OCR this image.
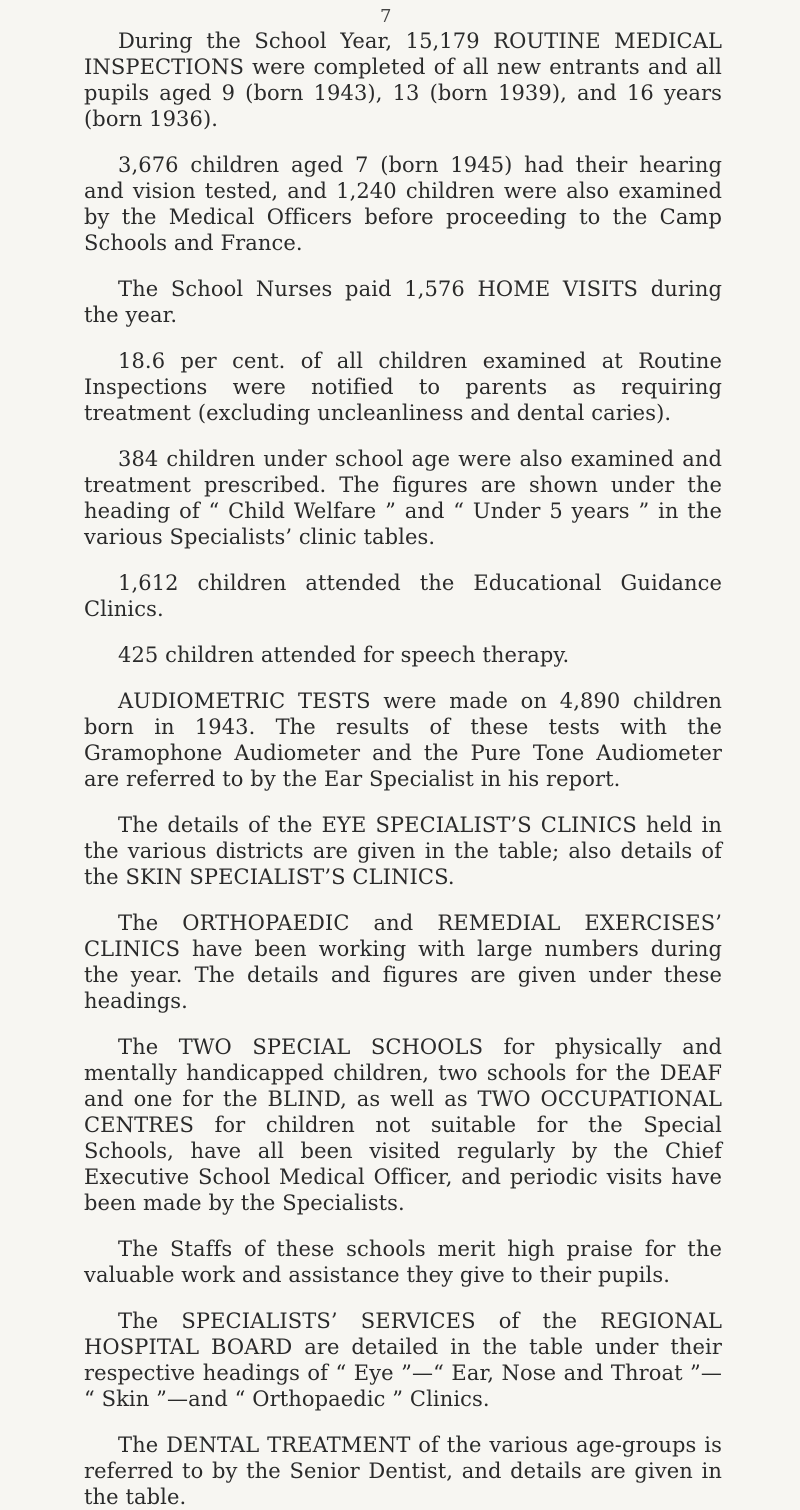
7

During the School Year, 15,179 ROUTINE MEDICAL INSPECTIONS were completed of all new entrants and all pupils aged 9 (born 1943), 13 (born 1939), and 16 years (born 1936).

3,676 children aged 7 (born 1945) had their hearing and vision tested, and 1,240 children were also examined by the Medical Officers before proceeding to the Camp Schools and France.

The School Nurses paid 1,576 HOME VISITS during the year.

18.6 per cent. of all children examined at Routine Inspections were notified to parents as requiring treatment (excluding uncleanliness and dental caries).

384 children under school age were also examined and treatment prescribed. The figures are shown under the heading of “ Child Welfare ” and “ Under 5 years ” in the various Specialists’ clinic tables.

1,612 children attended the Educational Guidance Clinics.

425 children attended for speech therapy.

AUDIOMETRIC TESTS were made on 4,890 children born in 1943. The results of these tests with the Gramophone Audiometer and the Pure Tone Audiometer are referred to by the Ear Specialist in his report.

The details of the EYE SPECIALIST’S CLINICS held in the various districts are given in the table; also details of the SKIN SPECIALIST’S CLINICS.

The ORTHOPAEDIC and REMEDIAL EXERCISES’ CLINICS have been working with large numbers during the year. The details and figures are given under these headings.

The TWO SPECIAL SCHOOLS for physically and mentally handicapped children, two schools for the DEAF and one for the BLIND, as well as TWO OCCUPATIONAL CENTRES for children not suitable for the Special Schools, have all been visited regularly by the Chief Executive School Medical Officer, and periodic visits have been made by the Specialists.

The Staffs of these schools merit high praise for the valuable work and assistance they give to their pupils.

The SPECIALISTS’ SERVICES of the REGIONAL HOSPITAL BOARD are detailed in the table under their respective headings of “ Eye ”—“ Ear, Nose and Throat ”— “ Skin ”—and “ Orthopaedic ” Clinics.

The DENTAL TREATMENT of the various age-groups is referred to by the Senior Dentist, and details are given in the table.
